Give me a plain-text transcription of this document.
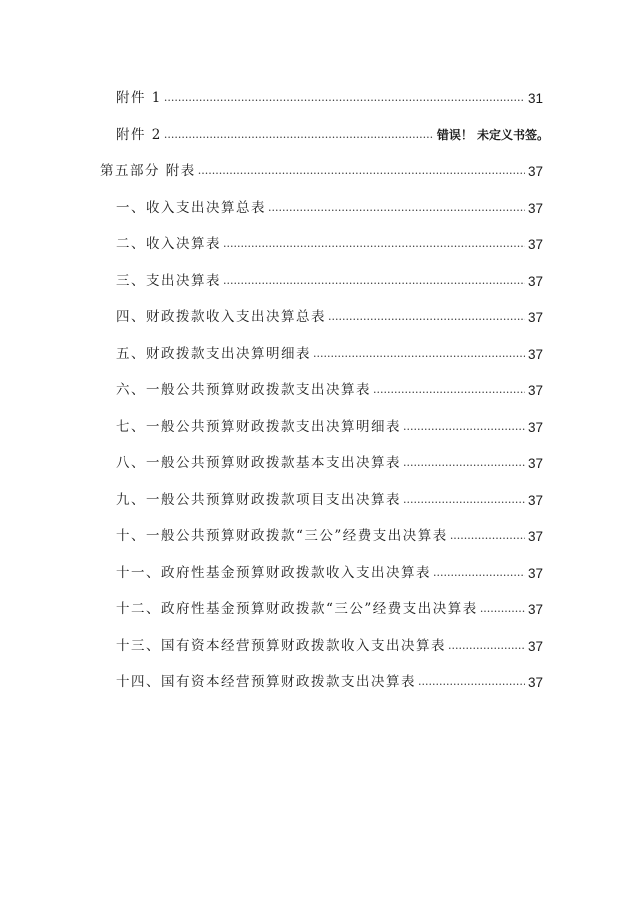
附件 1 .....	31
附件 2 .....	错误！ 未定义书签。
第五部分 附表 .....	37
一、收入支出决算总表 .....	37
二、收入决算表 .....	37
三、支出决算表 .....	37
四、财政拨款收入支出决算总表 .....	37
五、财政拨款支出决算明细表 .....	37
六、一般公共预算财政拨款支出决算表 .....	37
七、一般公共预算财政拨款支出决算明细表 .....	37
八、一般公共预算财政拨款基本支出决算表 .....	37
九、一般公共预算财政拨款项目支出决算表 .....	37
十、一般公共预算财政拨款“三公”经费支出决算表 .....	37
十一、政府性基金预算财政拨款收入支出决算表 .....	37
十二、政府性基金预算财政拨款“三公”经费支出决算表 .....	37
十三、国有资本经营预算财政拨款收入支出决算表 .....	37
十四、国有资本经营预算财政拨款支出决算表 .....	37
